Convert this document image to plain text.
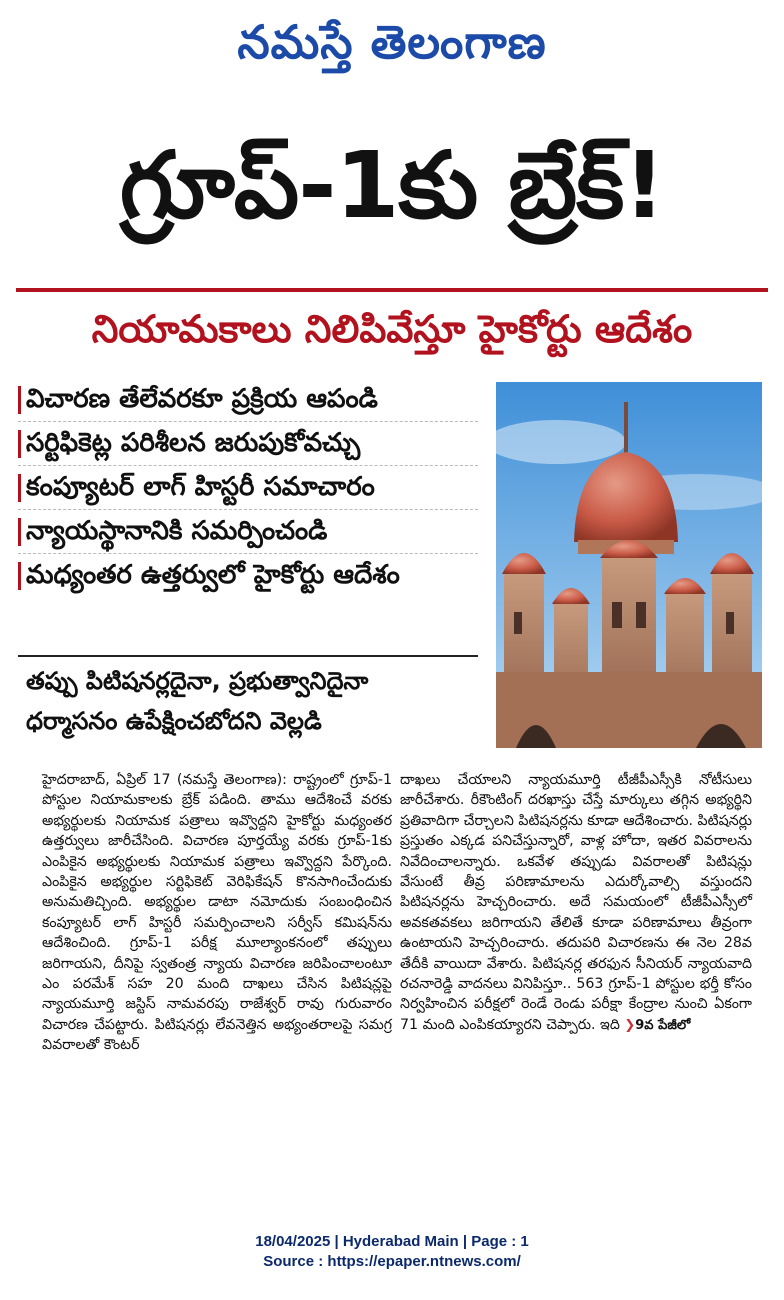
నమస్తే తెలంగాణ
గ్రూప్-1కు బ్రేక్!
నియామకాలు నిలిపివేస్తూ హైకోర్టు ఆదేశం
విచారణ తేలేవరకూ ప్రక్రియ ఆపండి
సర్టిఫికెట్ల పరిశీలన జరుపుకోవచ్చు
కంప్యూటర్ లాగ్ హిస్టరీ సమాచారం
న్యాయస్థానానికి సమర్పించండి
మధ్యంతర ఉత్తర్వులో హైకోర్టు ఆదేశం
తప్పు పిటిషనర్లదైనా, ప్రభుత్వానిదైనా
ధర్మాసనం ఉపేక్షించబోదని వెల్లడి

హైదరాబాద్, ఏప్రిల్ 17 (నమస్తే తెలంగాణ): రాష్ట్రంలో గ్రూప్-1 పోస్టుల నియామకాలకు బ్రేక్ పడింది. తాము ఆదేశించే వరకు అభ్యర్థులకు నియామక పత్రాలు ఇవ్వొద్దని హైకోర్టు మధ్యంతర ఉత్తర్వులు జారీచేసింది. విచారణ పూర్తయ్యే వరకు గ్రూప్-1కు ఎంపికైన అభ్యర్థులకు నియామక పత్రాలు ఇవ్వొద్దని పేర్కొంది. ఎంపికైన అభ్యర్థుల సర్టిఫికెట్ వెరిఫికేషన్ కొనసాగించేందుకు అనుమతిచ్చింది. అభ్యర్థుల డాటా నమోదుకు సంబంధించిన కంప్యూటర్ లాగ్ హిస్టరీ సమర్పించాలని సర్వీస్ కమిషన్‌ను ఆదేశించింది. గ్రూప్-1 పరీక్ష మూల్యాంకనంలో తప్పులు జరిగాయని, దీనిపై స్వతంత్ర న్యాయ విచారణ జరిపించాలంటూ ఎం పరమేశ్ సహ 20 మంది దాఖలు చేసిన పిటిషన్లపై న్యాయమూర్తి జస్టిస్ నామవరపు రాజేశ్వర్ రావు గురువారం విచారణ చేపట్టారు. పిటిషనర్లు లేవనెత్తిన అభ్యంతరాలపై సమగ్ర వివరాలతో కౌంటర్

దాఖలు చేయాలని న్యాయమూర్తి టీజీపీఎస్సీకి నోటీసులు జారీచేశారు. రీకౌంటింగ్ దరఖాస్తు చేస్తే మార్కులు తగ్గిన అభ్యర్థిని ప్రతివాదిగా చేర్చాలని పిటిషనర్లను కూడా ఆదేశించారు. పిటిషనర్లు ప్రస్తుతం ఎక్కడ పనిచేస్తున్నారో, వాళ్ల హోదా, ఇతర వివరాలను నివేదించాలన్నారు. ఒకవేళ తప్పుడు వివరాలతో పిటిషన్లు వేసుంటే తీవ్ర పరిణామాలను ఎదుర్కోవాల్సి వస్తుందని పిటిషనర్లను హెచ్చరించారు. అదే సమయంలో టీజీపీఎస్సీలో అవకతవకలు జరిగాయని తేలితే కూడా పరిణామాలు తీవ్రంగా ఉంటాయని హెచ్చరించారు. తదుపరి విచారణను ఈ నెల 28వ తేదీకి వాయిదా వేశారు. పిటిషనర్ల తరఫున సీనియర్ న్యాయవాది రచనారెడ్డి వాదనలు వినిపిస్తూ.. 563 గ్రూప్-1 పోస్టుల భర్తీ కోసం నిర్వహించిన పరీక్షలో రెండే రెండు పరీక్షా కేంద్రాల నుంచి ఏకంగా 71 మంది ఎంపికయ్యారని చెప్పారు. ఇది ❯9వ పేజీలో

18/04/2025 | Hyderabad Main | Page : 1
Source : https://epaper.ntnews.com/
